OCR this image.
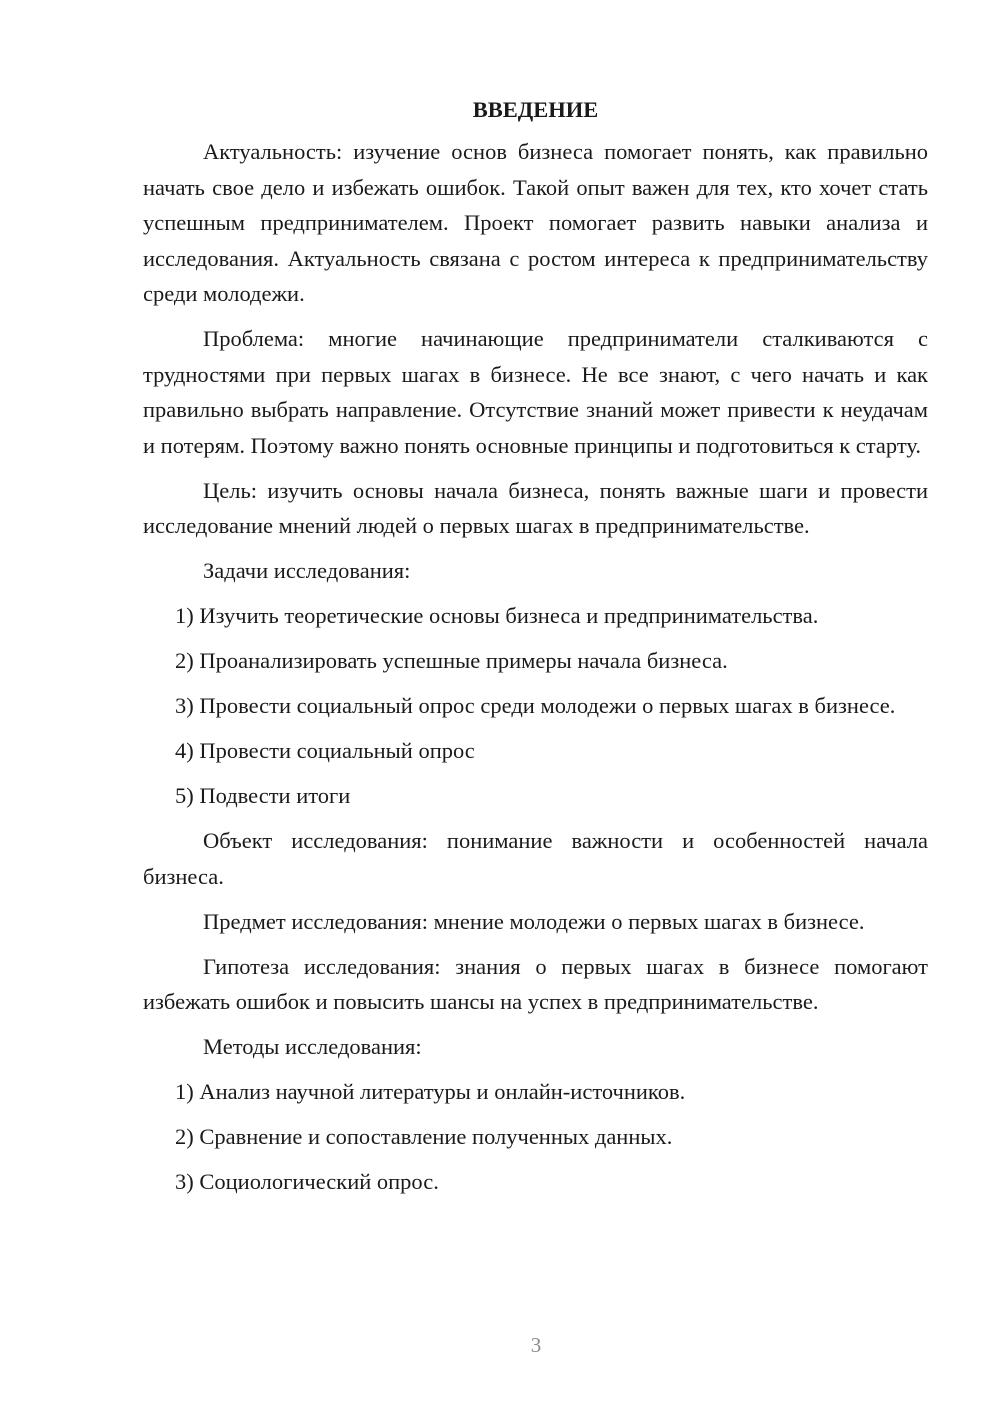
ВВЕДЕНИЕ

Актуальность: изучение основ бизнеса помогает понять, как правильно начать свое дело и избежать ошибок. Такой опыт важен для тех, кто хочет стать успешным предпринимателем. Проект помогает развить навыки анализа и исследования. Актуальность связана с ростом интереса к предпринимательству среди молодежи.

Проблема: многие начинающие предприниматели сталкиваются с трудностями при первых шагах в бизнесе. Не все знают, с чего начать и как правильно выбрать направление. Отсутствие знаний может привести к неудачам и потерям. Поэтому важно понять основные принципы и подготовиться к старту.

Цель: изучить основы начала бизнеса, понять важные шаги и провести исследование мнений людей о первых шагах в предпринимательстве.

Задачи исследования:

1) Изучить теоретические основы бизнеса и предпринимательства.

2) Проанализировать успешные примеры начала бизнеса.

3) Провести социальный опрос среди молодежи о первых шагах в бизнесе.

4) Провести социальный опрос

5) Подвести итоги

Объект исследования: понимание важности и особенностей начала бизнеса.

Предмет исследования: мнение молодежи о первых шагах в бизнесе.

Гипотеза исследования: знания о первых шагах в бизнесе помогают избежать ошибок и повысить шансы на успех в предпринимательстве.

Методы исследования:

1) Анализ научной литературы и онлайн-источников.

2) Сравнение и сопоставление полученных данных.

3) Социологический опрос.

3
